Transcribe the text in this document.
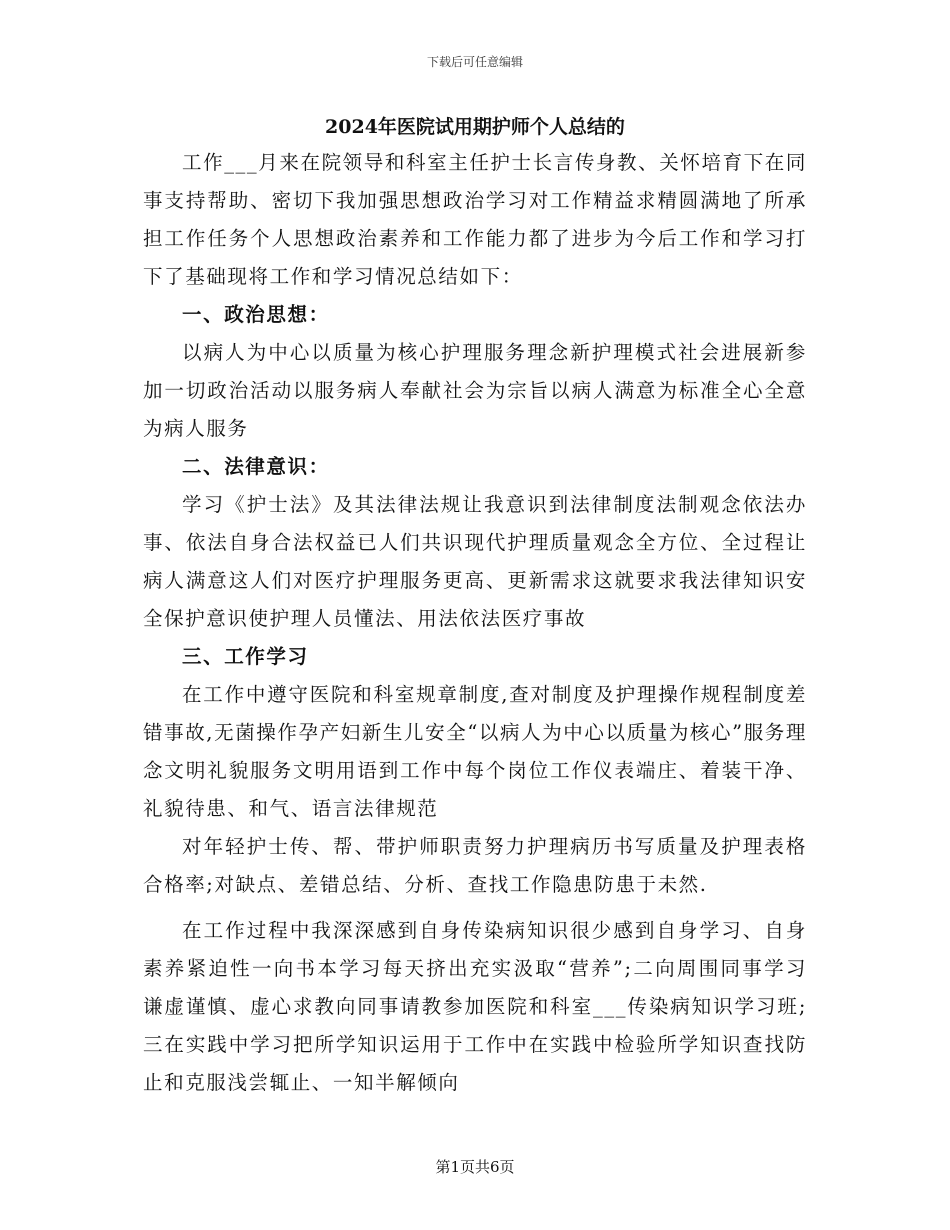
下载后可任意编辑
2024年医院试用期护师个人总结的

工作___月来在院领导和科室主任护士长言传身教、关怀培育下在同事支持帮助、密切下我加强思想政治学习对工作精益求精圆满地了所承担工作任务个人思想政治素养和工作能力都了进步为今后工作和学习打下了基础现将工作和学习情况总结如下：

一、政治思想：

以病人为中心以质量为核心护理服务理念新护理模式社会进展新参加一切政治活动以服务病人奉献社会为宗旨以病人满意为标准全心全意为病人服务

二、法律意识：

学习《护士法》及其法律法规让我意识到法律制度法制观念依法办事、依法自身合法权益已人们共识现代护理质量观念全方位、全过程让病人满意这人们对医疗护理服务更高、更新需求这就要求我法律知识安全保护意识使护理人员懂法、用法依法医疗事故

三、工作学习

在工作中遵守医院和科室规章制度,查对制度及护理操作规程制度差错事故,无菌操作孕产妇新生儿安全“以病人为中心以质量为核心”服务理念文明礼貌服务文明用语到工作中每个岗位工作仪表端庄、着装干净、礼貌待患、和气、语言法律规范

对年轻护士传、帮、带护师职责努力护理病历书写质量及护理表格合格率;对缺点、差错总结、分析、查找工作隐患防患于未然.

在工作过程中我深深感到自身传染病知识很少感到自身学习、自身素养紧迫性一向书本学习每天挤出充实汲取“营养”;二向周围同事学习谦虚谨慎、虚心求教向同事请教参加医院和科室___传染病知识学习班;三在实践中学习把所学知识运用于工作中在实践中检验所学知识查找防止和克服浅尝辄止、一知半解倾向

第1页共6页
